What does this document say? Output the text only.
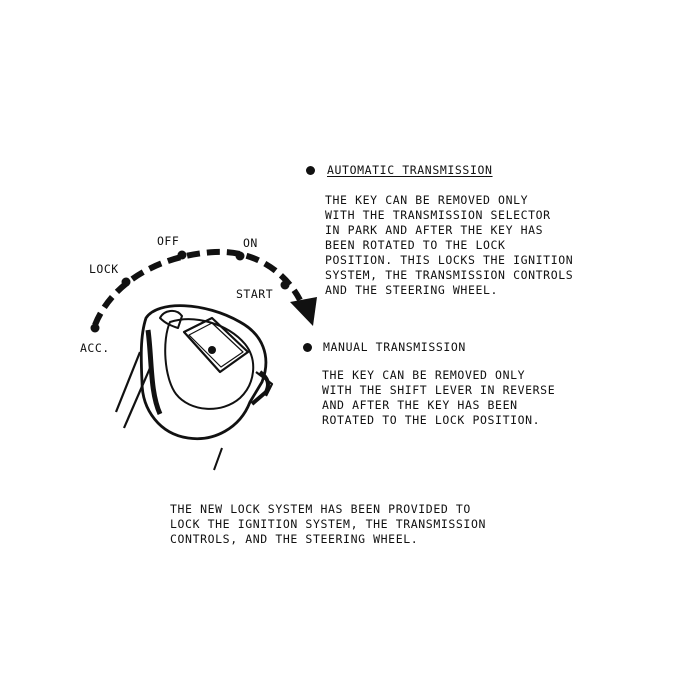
LOCK

OFF	ON

START

ACC.

AUTOMATIC TRANSMISSION

THE KEY CAN BE REMOVED ONLY
WITH THE TRANSMISSION SELECTOR
IN PARK AND AFTER THE KEY HAS
BEEN ROTATED TO THE LOCK
POSITION. THIS LOCKS THE IGNITION
SYSTEM, THE TRANSMISSION CONTROLS
AND THE STEERING WHEEL.

MANUAL TRANSMISSION

THE KEY CAN BE REMOVED ONLY
WITH THE SHIFT LEVER IN REVERSE
AND AFTER THE KEY HAS BEEN
ROTATED TO THE LOCK POSITION.
THE NEW LOCK SYSTEM HAS BEEN PROVIDED TO
LOCK THE IGNITION SYSTEM, THE TRANSMISSION
CONTROLS, AND THE STEERING WHEEL.
